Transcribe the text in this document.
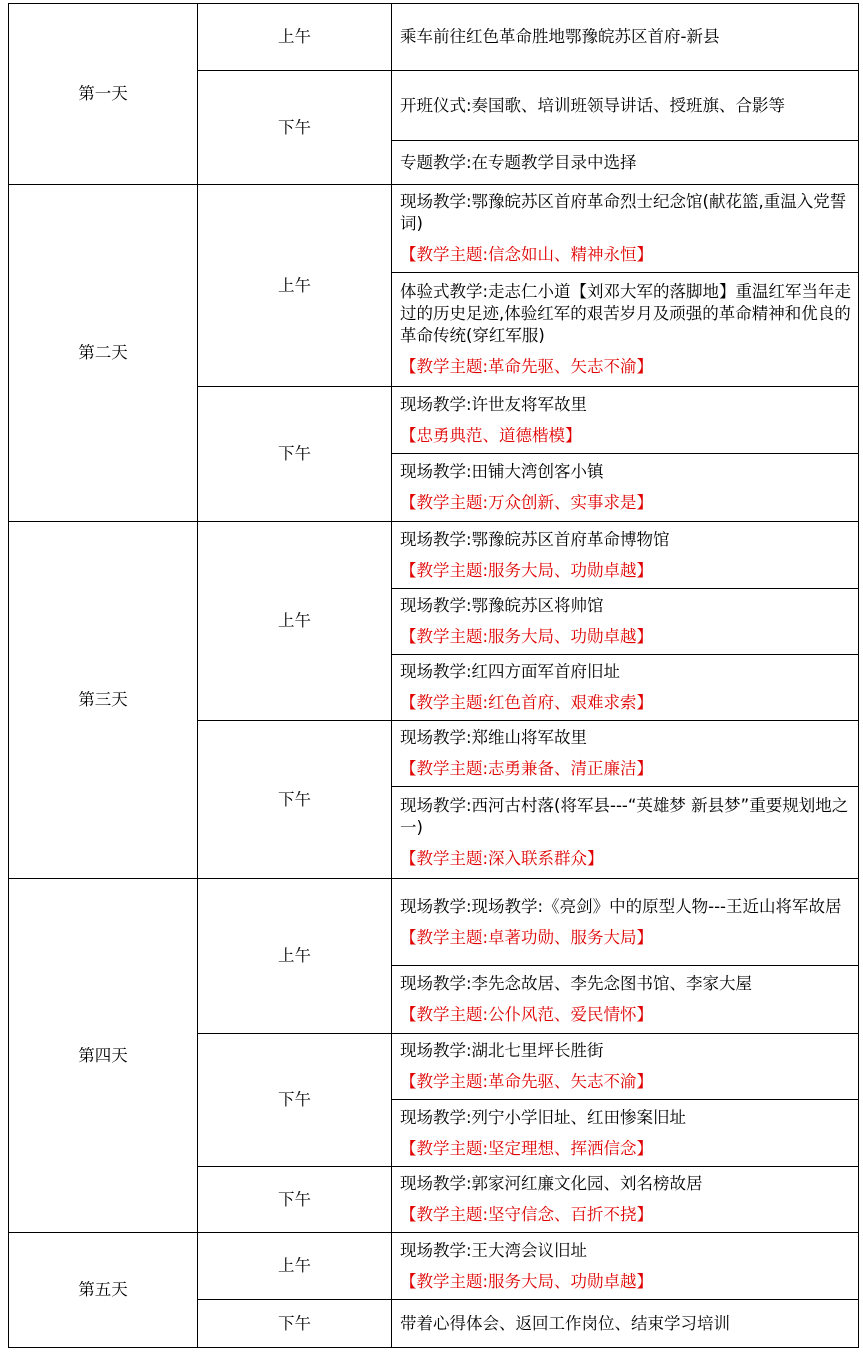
第一天	上午	乘车前往红色革命胜地鄂豫皖苏区首府-新县

	下午	开班仪式:奏国歌、培训班领导讲话、授班旗、合影等

		专题教学:在专题教学目录中选择

第二天	上午	现场教学:鄂豫皖苏区首府革命烈士纪念馆(献花篮,重温入党誓词)
【教学主题:信念如山、精神永恒】

		体验式教学:走志仁小道【刘邓大军的落脚地】重温红军当年走过的历史足迹,体验红军的艰苦岁月及顽强的革命精神和优良的革命传统(穿红军服)
【教学主题:革命先驱、矢志不渝】

	下午	现场教学:许世友将军故里
【忠勇典范、道德楷模】

		现场教学:田铺大湾创客小镇
【教学主题:万众创新、实事求是】

第三天	上午	现场教学:鄂豫皖苏区首府革命博物馆
【教学主题:服务大局、功勋卓越】

		现场教学:鄂豫皖苏区将帅馆
【教学主题:服务大局、功勋卓越】

		现场教学:红四方面军首府旧址
【教学主题:红色首府、艰难求索】

	下午	现场教学:郑维山将军故里
【教学主题:志勇兼备、清正廉洁】

		现场教学:西河古村落(将军县---“英雄梦 新县梦”重要规划地之一)
【教学主题:深入联系群众】

第四天	上午	现场教学:现场教学:《亮剑》中的原型人物---王近山将军故居
【教学主题:卓著功勋、服务大局】

		现场教学:李先念故居、李先念图书馆、李家大屋
【教学主题:公仆风范、爱民情怀】

	下午	现场教学:湖北七里坪长胜街
【教学主题:革命先驱、矢志不渝】

		现场教学:列宁小学旧址、红田惨案旧址
【教学主题:坚定理想、挥洒信念】

	下午	现场教学:郭家河红廉文化园、刘名榜故居
【教学主题:坚守信念、百折不挠】

第五天	上午	现场教学:王大湾会议旧址
【教学主题:服务大局、功勋卓越】

	下午	带着心得体会、返回工作岗位、结束学习培训
